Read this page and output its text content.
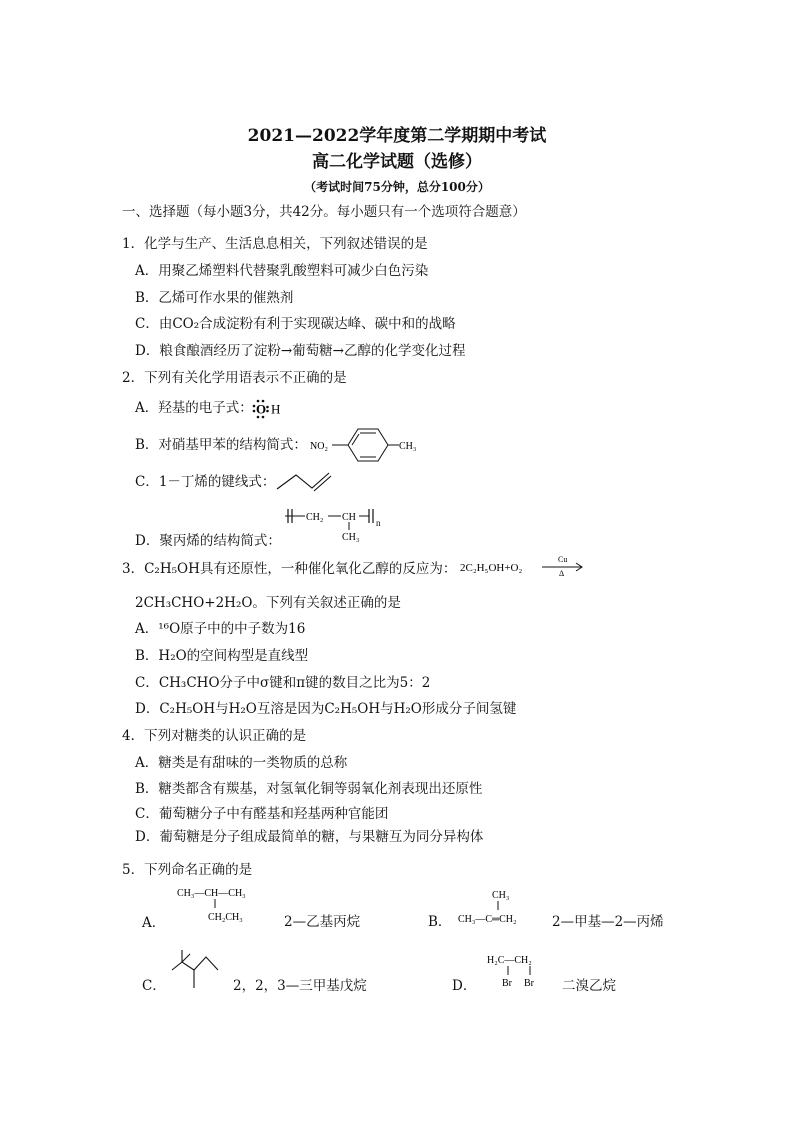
2021—2022学年度第二学期期中考试
高二化学试题（选修）
（考试时间75分钟，总分100分）
一、选择题（每小题3分，共42分。每小题只有一个选项符合题意）
1．化学与生产、生活息息相关，下列叙述错误的是
A．用聚乙烯塑料代替聚乳酸塑料可减少白色污染
B．乙烯可作水果的催熟剂
C．由CO₂合成淀粉有利于实现碳达峰、碳中和的战略
D．粮食酿酒经历了淀粉→葡萄糖→乙醇的化学变化过程
2．下列有关化学用语表示不正确的是
A．羟基的电子式： O H
B．对硝基甲苯的结构简式： NO₂	CH₃
C．1－丁烯的键线式：
CH₂ CH n
CH₃
D．聚丙烯的结构简式：
3．C₂H₅OH具有还原性，一种催化氧化乙醇的反应为： 2C₂H₅OH+O₂
Cu
Δ
2CH₃CHO+2H₂O。下列有关叙述正确的是
A．¹⁶O原子中的中子数为16
B．H₂O的空间构型是直线型
C．CH₃CHO分子中σ键和π键的数目之比为5：2
D．C₂H₅OH与H₂O互溶是因为C₂H₅OH与H₂O形成分子间氢键
4．下列对糖类的认识正确的是
A．糖类是有甜味的一类物质的总称
B．糖类都含有羰基，对氢氧化铜等弱氧化剂表现出还原性
C．葡萄糖分子中有醛基和羟基两种官能团
D．葡萄糖是分子组成最简单的糖，与果糖互为同分异构体
5．下列命名正确的是
CH₃—CH—CH₃
CH₂CH₃
A．	2—乙基丙烷
CH₃
CH₃—C═CH₂
B．	2—甲基—2—丙烯
C．	2，2，3—三甲基戊烷
H₂C—CH₂
Br Br
D．	二溴乙烷
